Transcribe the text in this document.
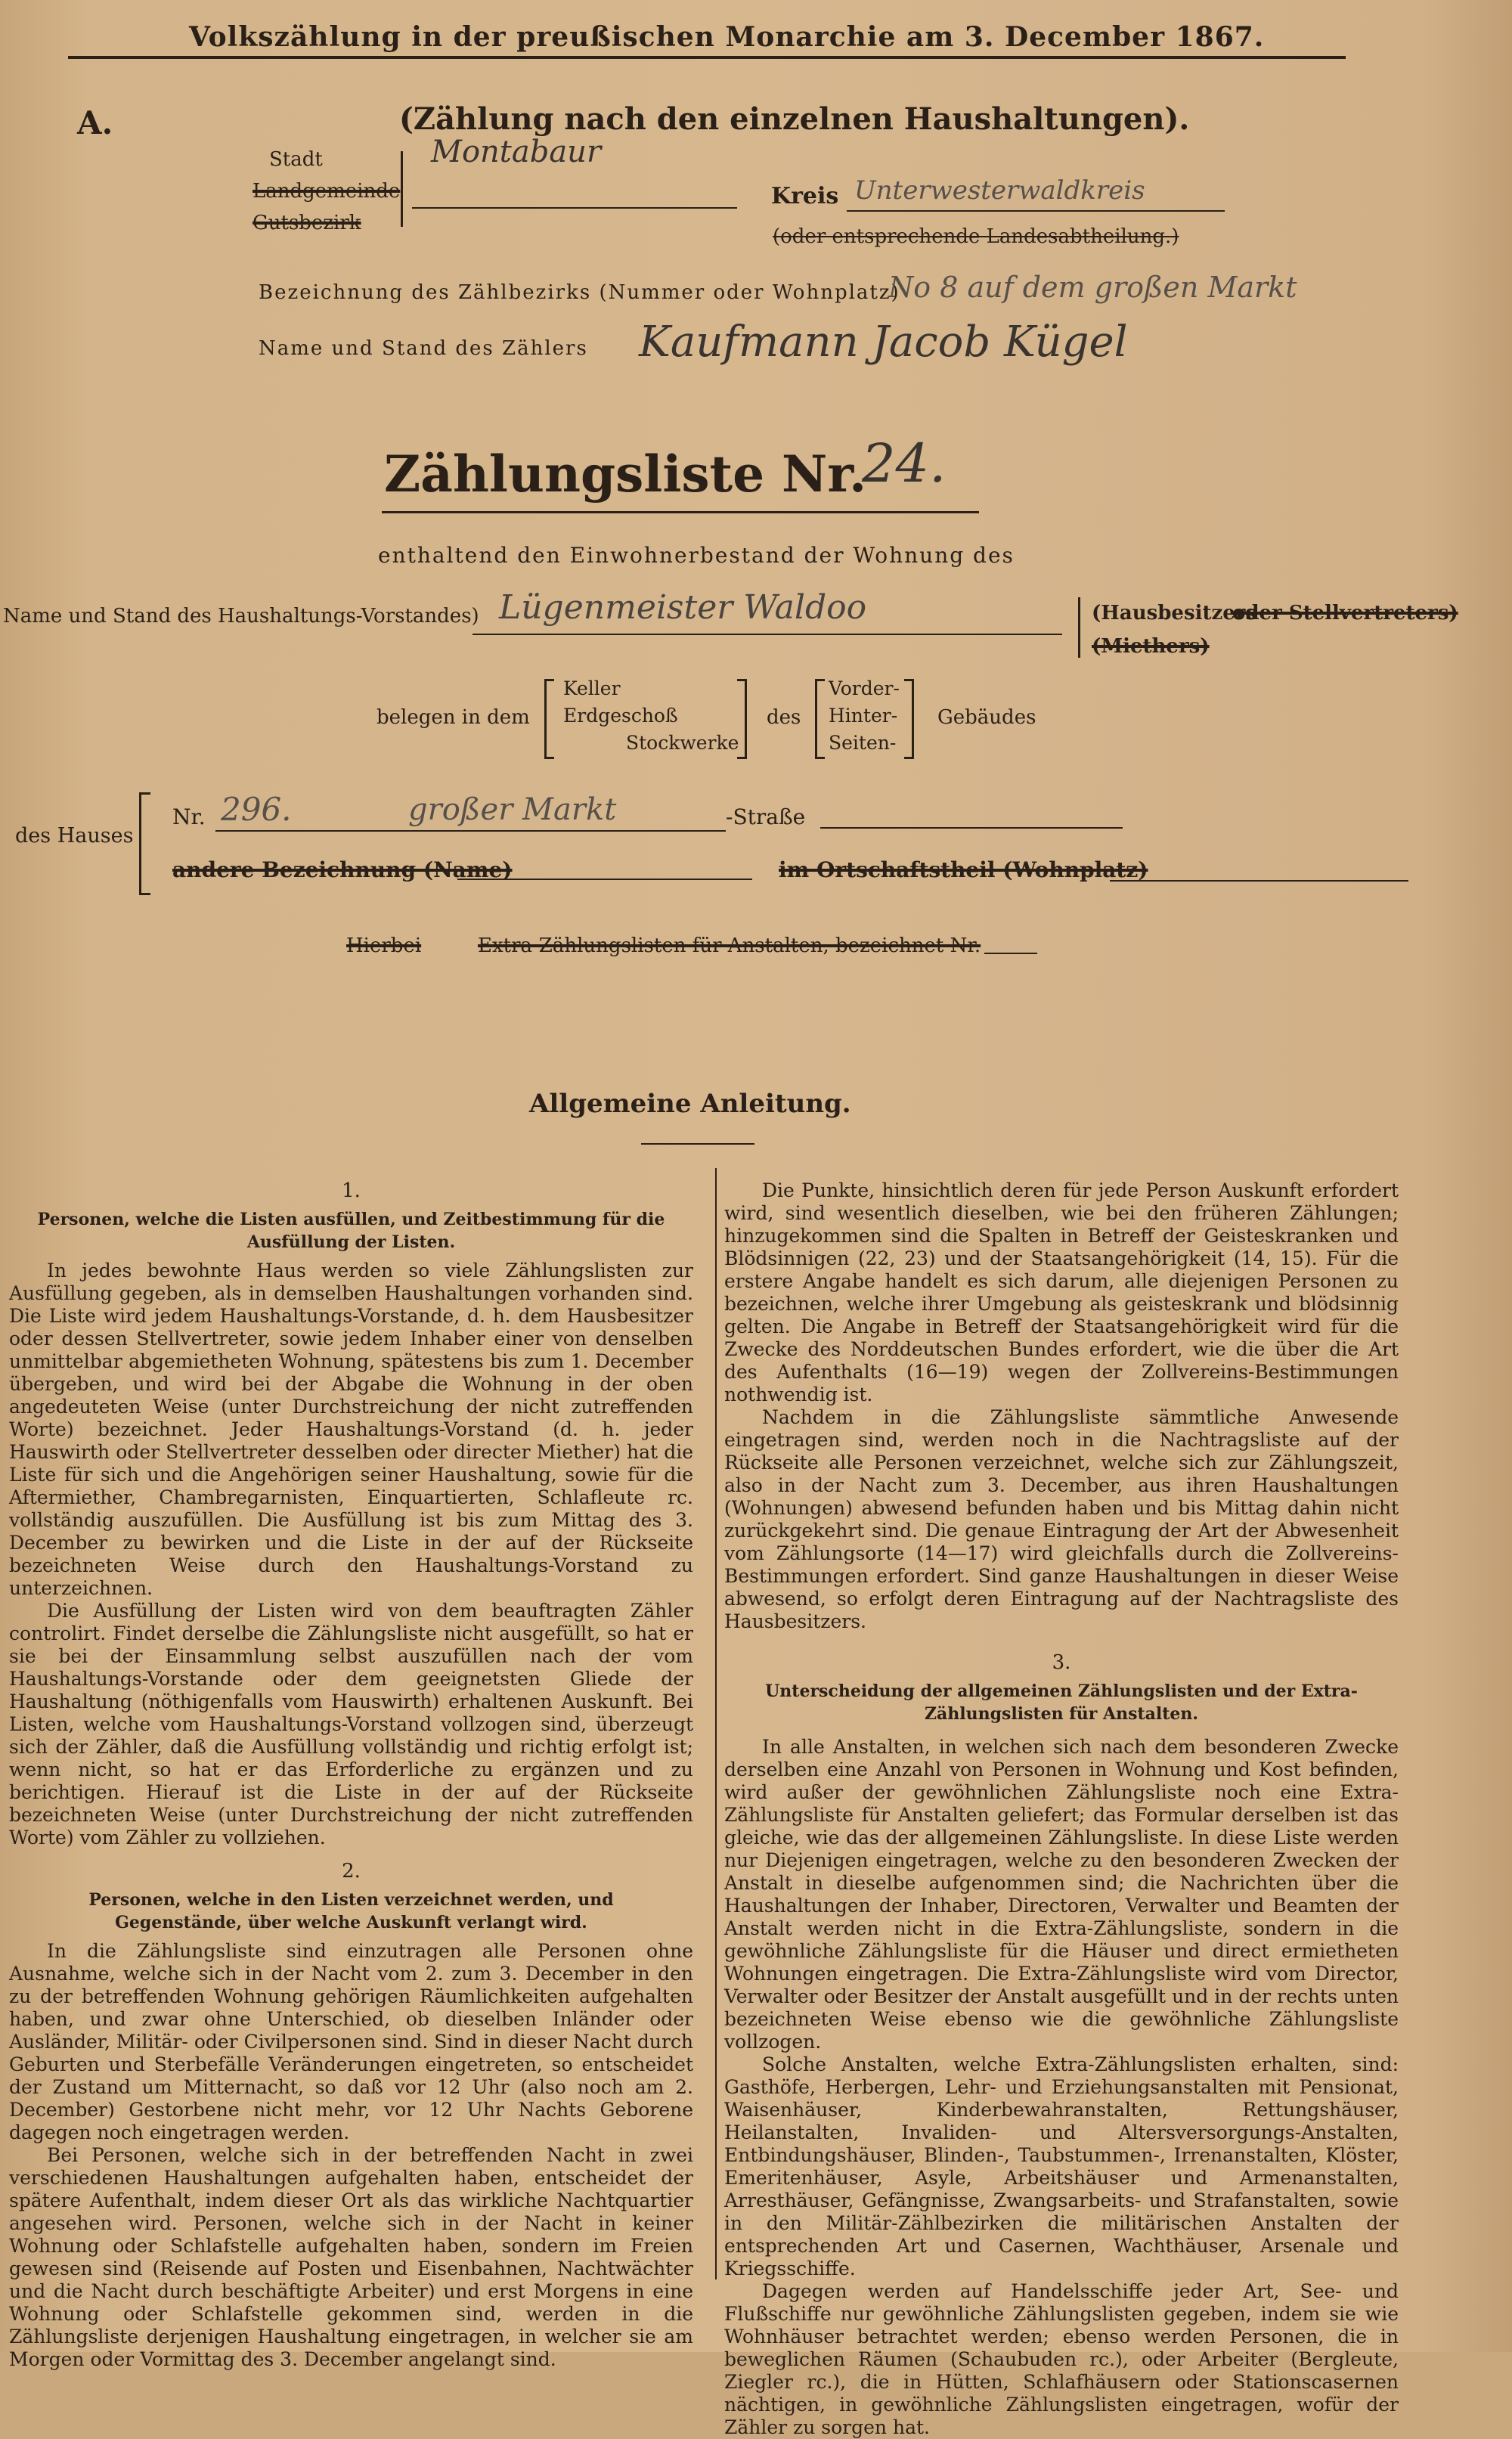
Volkszählung in der preußischen Monarchie am 3. December 1867.
A.	(Zählung nach den einzelnen Haushaltungen).
Stadt
Landgemeinde
Gutsbezirk
Montabaur
Kreis Unterwesterwaldkreis
(oder entsprechende Landesabtheilung.)
Bezeichnung des Zählbezirks (Nummer oder Wohnplatz)
No 8 auf dem großen Markt
Name und Stand des Zählers Kaufmann Jacob Kügel
Zählungsliste Nr.
24.
enthaltend den Einwohnerbestand der Wohnung des
Name und Stand des Haushaltungs-Vorstandes) Lügenmeister Waldoo	(Hausbesitzers
oder Stellvertreters)
(Miethers)
belegen in dem
Keller
Erdgeschoß
Stockwerke
des
Vorder-
Hinter-
Seiten-
Gebäudes
des Hauses
Nr. 296.	großer Markt	-Straße
andere Bezeichnung (Name)	im Ortschaftstheil (Wohnplatz)
Hierbei	Extra-Zählungslisten für Anstalten, bezeichnet Nr.
Allgemeine Anleitung.
1.
Personen, welche die Listen ausfüllen, und Zeitbestimmung für die Ausfüllung der Listen.

In jedes bewohnte Haus werden so viele Zählungslisten zur Ausfüllung gegeben, als in demselben Haushaltungen vorhanden sind. Die Liste wird jedem Haushaltungs-Vorstande, d. h. dem Hausbesitzer oder dessen Stellvertreter, sowie jedem Inhaber einer von denselben unmittelbar abgemietheten Wohnung, spätestens bis zum 1. December übergeben, und wird bei der Abgabe die Wohnung in der oben angedeuteten Weise (unter Durchstreichung der nicht zutreffenden Worte) bezeichnet. Jeder Haushaltungs-Vorstand (d. h. jeder Hauswirth oder Stellvertreter desselben oder directer Miether) hat die Liste für sich und die Angehörigen seiner Haushaltung, sowie für die Aftermiether, Chambregarnisten, Einquartierten, Schlafleute rc. vollständig auszufüllen. Die Ausfüllung ist bis zum Mittag des 3. December zu bewirken und die Liste in der auf der Rückseite bezeichneten Weise durch den Haushaltungs-Vorstand zu unterzeichnen.

Die Ausfüllung der Listen wird von dem beauftragten Zähler controlirt. Findet derselbe die Zählungsliste nicht ausgefüllt, so hat er sie bei der Einsammlung selbst auszufüllen nach der vom Haushaltungs-Vorstande oder dem geeignetsten Gliede der Haushaltung (nöthigenfalls vom Hauswirth) erhaltenen Auskunft. Bei Listen, welche vom Haushaltungs-Vorstand vollzogen sind, überzeugt sich der Zähler, daß die Ausfüllung vollständig und richtig erfolgt ist; wenn nicht, so hat er das Erforderliche zu ergänzen und zu berichtigen. Hierauf ist die Liste in der auf der Rückseite bezeichneten Weise (unter Durchstreichung der nicht zutreffenden Worte) vom Zähler zu vollziehen.

2.
Personen, welche in den Listen verzeichnet werden, und Gegenstände, über welche Auskunft verlangt wird.

In die Zählungsliste sind einzutragen alle Personen ohne Ausnahme, welche sich in der Nacht vom 2. zum 3. December in den zu der betreffenden Wohnung gehörigen Räumlichkeiten aufgehalten haben, und zwar ohne Unterschied, ob dieselben Inländer oder Ausländer, Militär- oder Civilpersonen sind. Sind in dieser Nacht durch Geburten und Sterbefälle Veränderungen eingetreten, so entscheidet der Zustand um Mitternacht, so daß vor 12 Uhr (also noch am 2. December) Gestorbene nicht mehr, vor 12 Uhr Nachts Geborene dagegen noch eingetragen werden.

Bei Personen, welche sich in der betreffenden Nacht in zwei verschiedenen Haushaltungen aufgehalten haben, entscheidet der spätere Aufenthalt, indem dieser Ort als das wirkliche Nachtquartier angesehen wird. Personen, welche sich in der Nacht in keiner Wohnung oder Schlafstelle aufgehalten haben, sondern im Freien gewesen sind (Reisende auf Posten und Eisenbahnen, Nachtwächter und die Nacht durch beschäftigte Arbeiter) und erst Morgens in eine Wohnung oder Schlafstelle gekommen sind, werden in die Zählungsliste derjenigen Haushaltung eingetragen, in welcher sie am Morgen oder Vormittag des 3. December angelangt sind.

Die Punkte, hinsichtlich deren für jede Person Auskunft erfordert wird, sind wesentlich dieselben, wie bei den früheren Zählungen; hinzugekommen sind die Spalten in Betreff der Geisteskranken und Blödsinnigen (22, 23) und der Staatsangehörigkeit (14, 15). Für die erstere Angabe handelt es sich darum, alle diejenigen Personen zu bezeichnen, welche ihrer Umgebung als geisteskrank und blödsinnig gelten. Die Angabe in Betreff der Staatsangehörigkeit wird für die Zwecke des Norddeutschen Bundes erfordert, wie die über die Art des Aufenthalts (16—19) wegen der Zollvereins-Bestimmungen nothwendig ist.

Nachdem in die Zählungsliste sämmtliche Anwesende eingetragen sind, werden noch in die Nachtragsliste auf der Rückseite alle Personen verzeichnet, welche sich zur Zählungszeit, also in der Nacht zum 3. December, aus ihren Haushaltungen (Wohnungen) abwesend befunden haben und bis Mittag dahin nicht zurückgekehrt sind. Die genaue Eintragung der Art der Abwesenheit vom Zählungsorte (14—17) wird gleichfalls durch die Zollvereins-Bestimmungen erfordert. Sind ganze Haushaltungen in dieser Weise abwesend, so erfolgt deren Eintragung auf der Nachtragsliste des Hausbesitzers.

3.
Unterscheidung der allgemeinen Zählungslisten und der Extra-Zählungslisten für Anstalten.

In alle Anstalten, in welchen sich nach dem besonderen Zwecke derselben eine Anzahl von Personen in Wohnung und Kost befinden, wird außer der gewöhnlichen Zählungsliste noch eine Extra-Zählungsliste für Anstalten geliefert; das Formular derselben ist das gleiche, wie das der allgemeinen Zählungsliste. In diese Liste werden nur Diejenigen eingetragen, welche zu den besonderen Zwecken der Anstalt in dieselbe aufgenommen sind; die Nachrichten über die Haushaltungen der Inhaber, Directoren, Verwalter und Beamten der Anstalt werden nicht in die Extra-Zählungsliste, sondern in die gewöhnliche Zählungsliste für die Häuser und direct ermietheten Wohnungen eingetragen. Die Extra-Zählungsliste wird vom Director, Verwalter oder Besitzer der Anstalt ausgefüllt und in der rechts unten bezeichneten Weise ebenso wie die gewöhnliche Zählungsliste vollzogen.

Solche Anstalten, welche Extra-Zählungslisten erhalten, sind: Gasthöfe, Herbergen, Lehr- und Erziehungsanstalten mit Pensionat, Waisenhäuser, Kinderbewahranstalten, Rettungshäuser, Heilanstalten, Invaliden- und Altersversorgungs-Anstalten, Entbindungshäuser, Blinden-, Taubstummen-, Irrenanstalten, Klöster, Emeritenhäuser, Asyle, Arbeitshäuser und Armenanstalten, Arresthäuser, Gefängnisse, Zwangsarbeits- und Strafanstalten, sowie in den Militär-Zählbezirken die militärischen Anstalten der entsprechenden Art und Casernen, Wachthäuser, Arsenale und Kriegsschiffe.

Dagegen werden auf Handelsschiffe jeder Art, See- und Flußschiffe nur gewöhnliche Zählungslisten gegeben, indem sie wie Wohnhäuser betrachtet werden; ebenso werden Personen, die in beweglichen Räumen (Schaubuden rc.), oder Arbeiter (Bergleute, Ziegler rc.), die in Hütten, Schlafhäusern oder Stationscasernen nächtigen, in gewöhnliche Zählungslisten eingetragen, wofür der Zähler zu sorgen hat.
